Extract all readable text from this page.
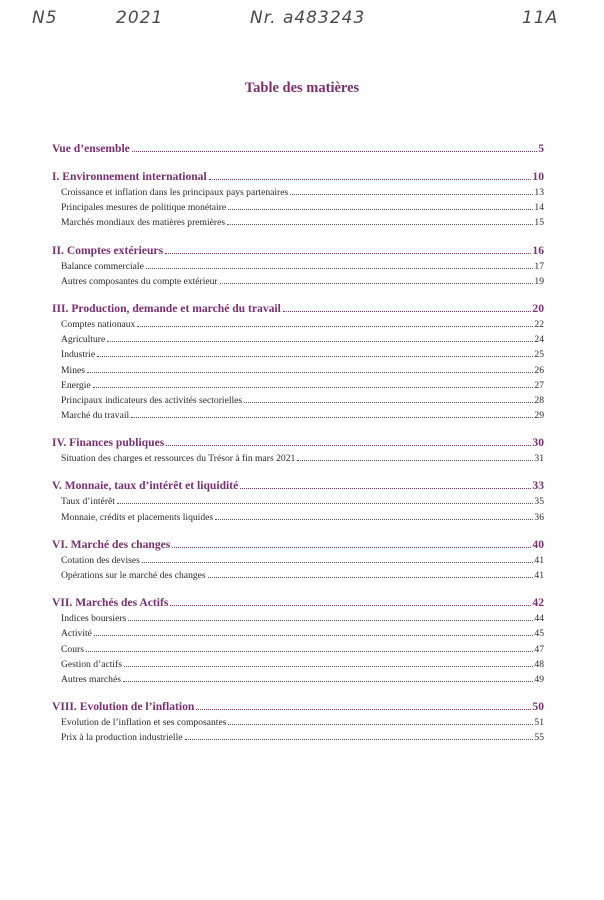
N5	2021	Nr. a483243	11A
Table des matières
Vue d’ensemble	5
I. Environnement international	10
Croissance et inflation dans les principaux pays partenaires	13
Principales mesures de politique monétaire	14
Marchés mondiaux des matières premières	15
II. Comptes extérieurs	16
Balance commerciale	17
Autres composantes du compte extérieur	19
III. Production, demande et marché du travail	20
Comptes nationaux	22
Agriculture	24
Industrie	25
Mines	26
Energie	27
Principaux indicateurs des activités sectorielles	28
Marché du travail	29
IV. Finances publiques	30
Situation des charges et ressources du Trésor à fin mars 2021	31
V. Monnaie, taux d’intérêt et liquidité	33
Taux d’intérêt	35
Monnaie, crédits et placements liquides	36
VI. Marché des changes	40
Cotation des devises	41
Opérations sur le marché des changes	41
VII. Marchés des Actifs	42
Indices boursiers	44
Activité	45
Cours	47
Gestion d’actifs	48
Autres marchés	49
VIII. Evolution de l’inflation	50
Evolution de l’inflation et ses composantes	51
Prix à la production industrielle	55
